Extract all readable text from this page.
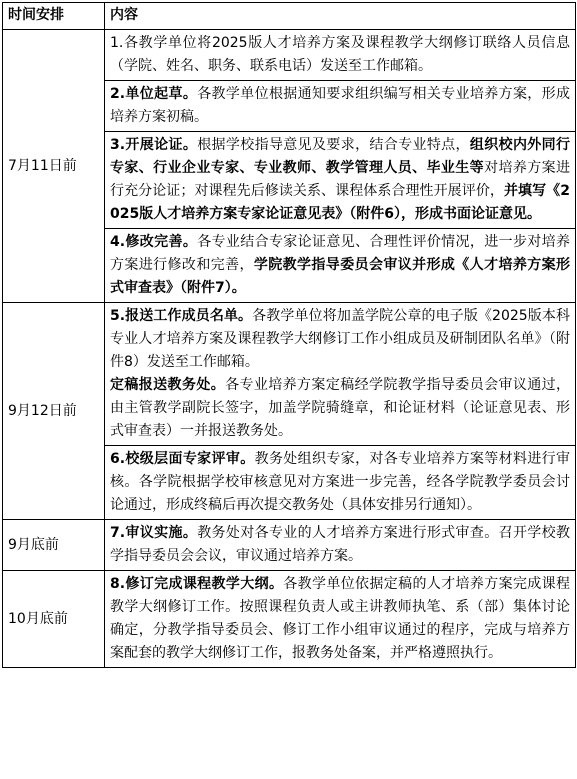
时间安排	内容
7月11日前	1.各教学单位将2025版人才培养方案及课程教学大纲修订联络人员信息（学院、姓名、职务、联系电话）发送至工作邮箱。

	2.单位起草。各教学单位根据通知要求组织编写相关专业培养方案，形成培养方案初稿。

	3.开展论证。根据学校指导意见及要求，结合专业特点，组织校内外同行专家、行业企业专家、专业教师、教学管理人员、毕业生等对培养方案进行充分论证；对课程先后修读关系、课程体系合理性开展评价，并填写《2025版人才培养方案专家论证意见表》（附件6），形成书面论证意见。

	4.修改完善。各专业结合专家论证意见、合理性评价情况，进一步对培养方案进行修改和完善，学院教学指导委员会审议并形成《人才培养方案形式审查表》（附件7）。

9月12日前	5.报送工作成员名单。各教学单位将加盖学院公章的电子版《2025版本科专业人才培养方案及课程教学大纲修订工作小组成员及研制团队名单》（附件8）发送至工作邮箱。

定稿报送教务处。各专业培养方案定稿经学院教学指导委员会审议通过，由主管教学副院长签字，加盖学院骑缝章，和论证材料（论证意见表、形式审查表）一并报送教务处。

	6.校级层面专家评审。教务处组织专家，对各专业培养方案等材料进行审核。各学院根据学校审核意见对方案进一步完善，经各学院教学委员会讨论通过，形成终稿后再次提交教务处（具体安排另行通知）。

9月底前	7.审议实施。教务处对各专业的人才培养方案进行形式审查。召开学校教学指导委员会会议，审议通过培养方案。

10月底前	8.修订完成课程教学大纲。各教学单位依据定稿的人才培养方案完成课程教学大纲修订工作。按照课程负责人或主讲教师执笔、系（部）集体讨论确定，分教学指导委员会、修订工作小组审议通过的程序，完成与培养方案配套的教学大纲修订工作，报教务处备案，并严格遵照执行。
